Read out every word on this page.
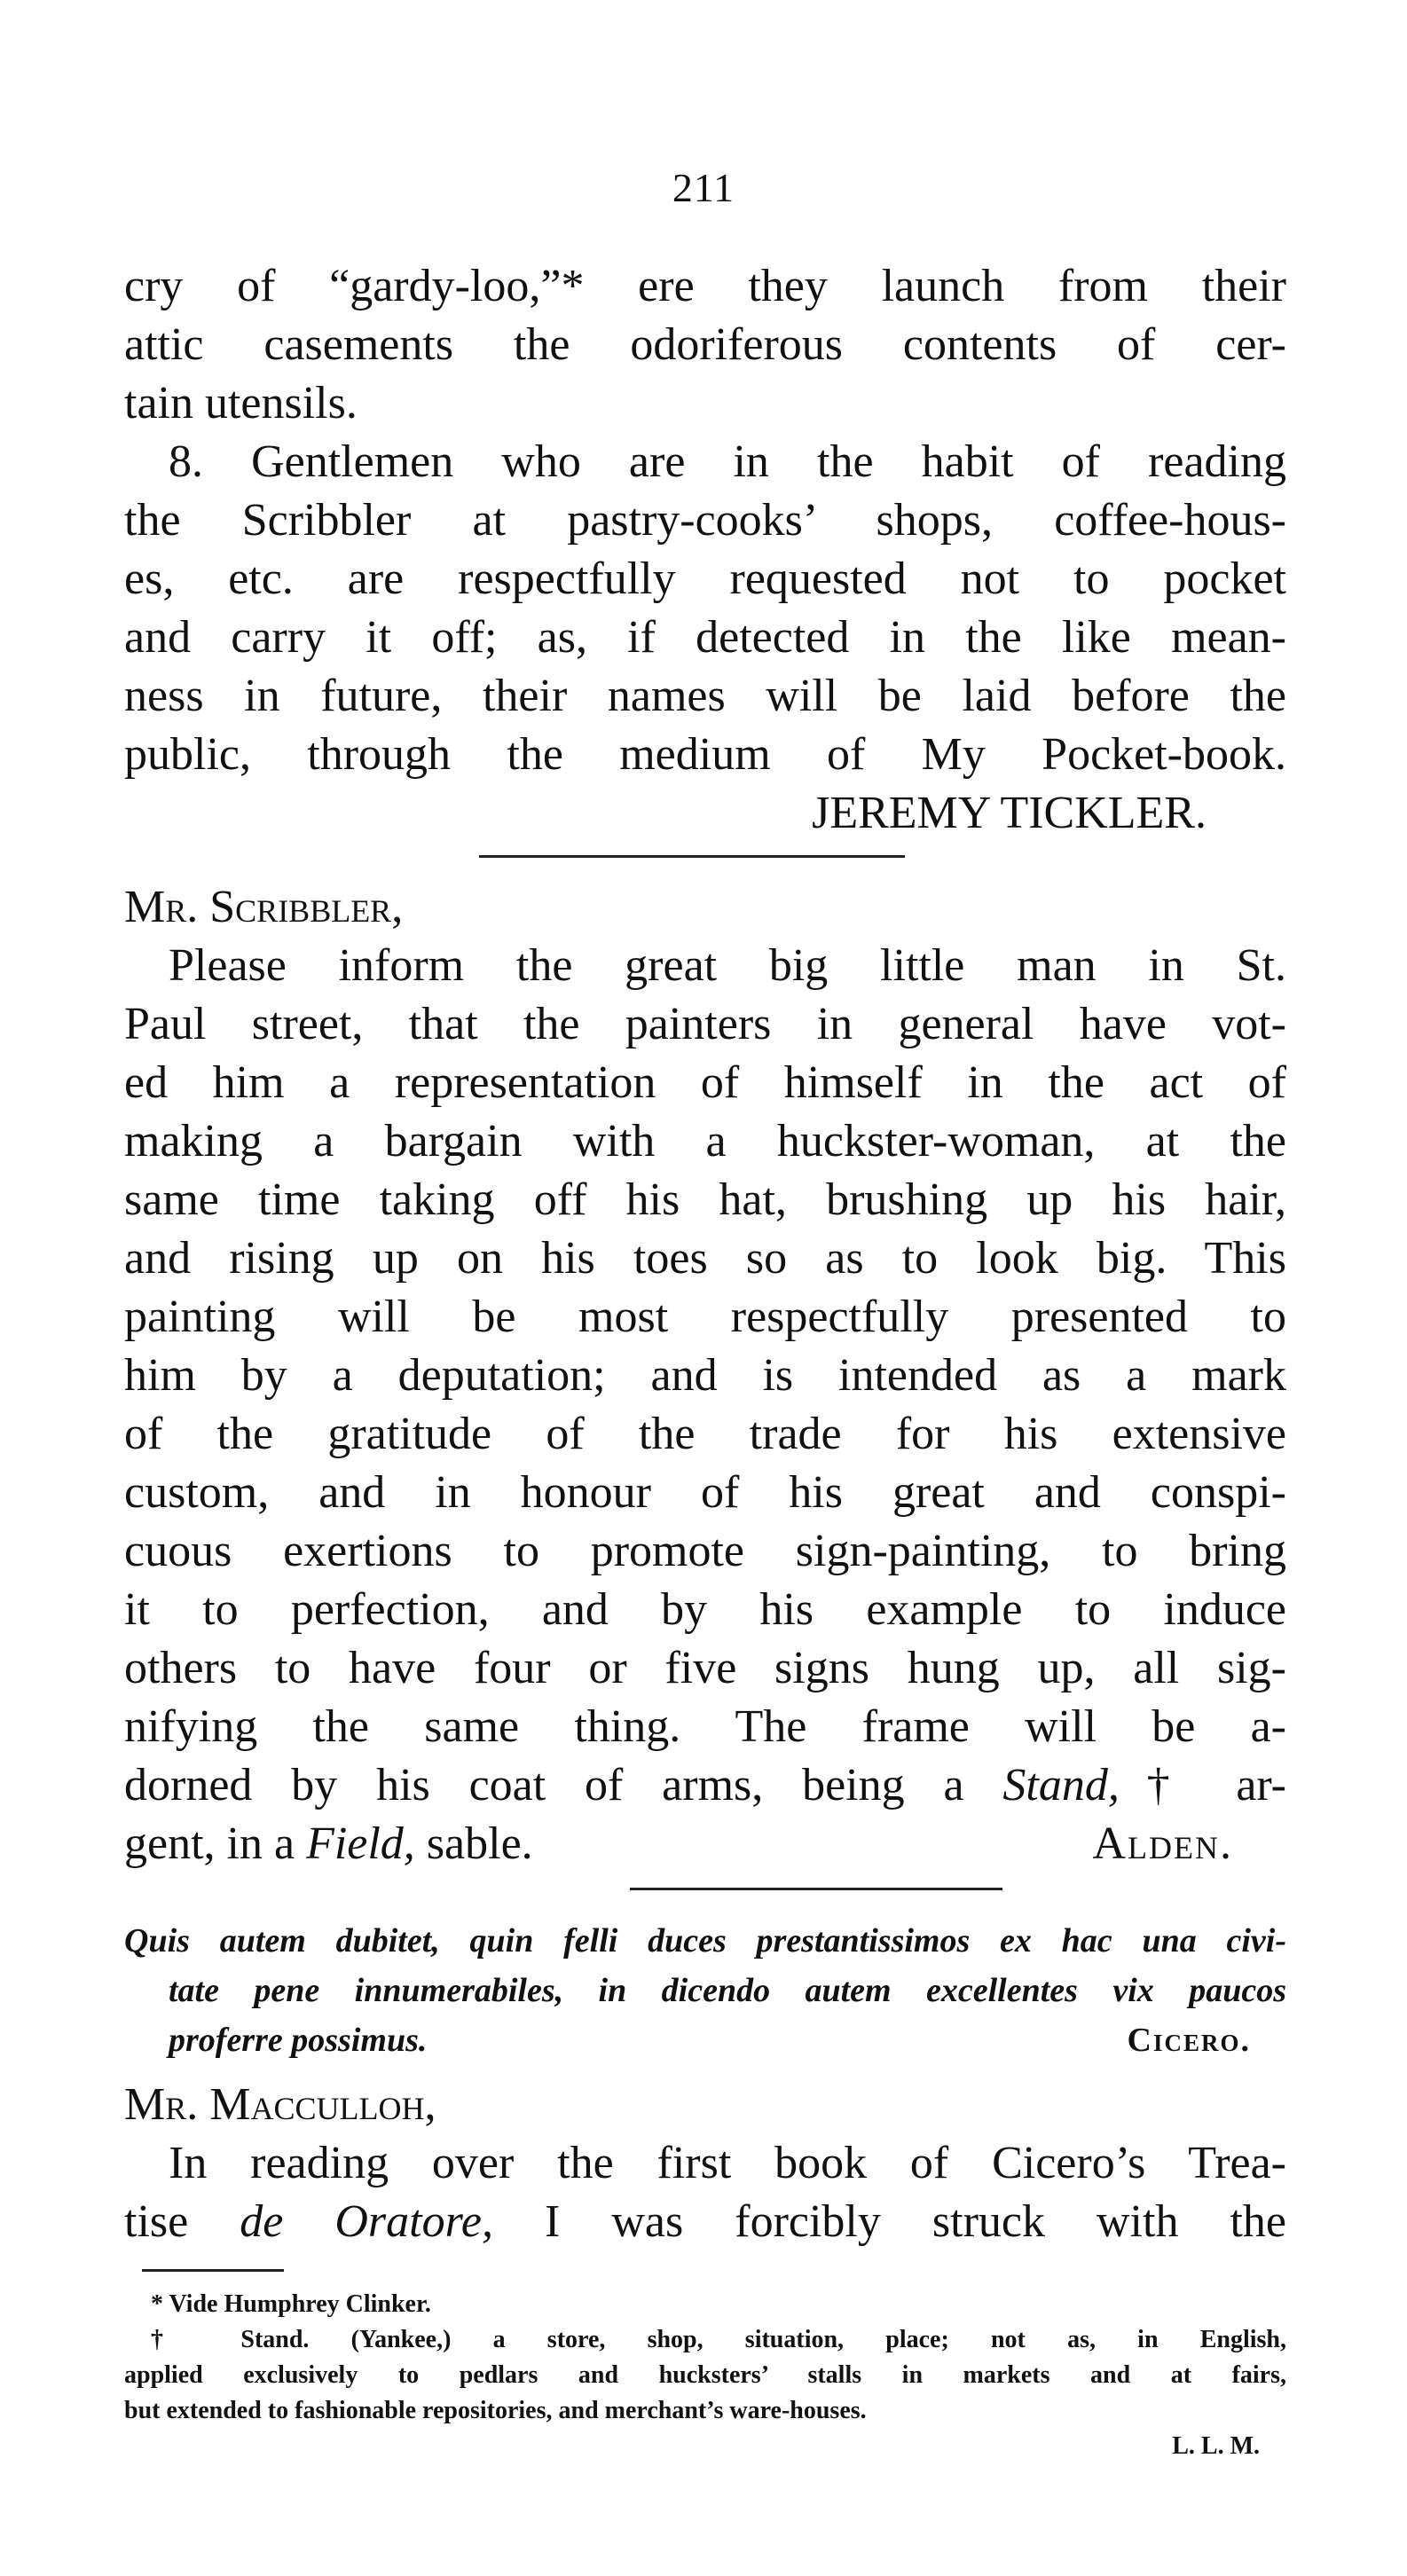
211
cry of “gardy-loo,”* ere they launch from their
attic casements the odoriferous contents of cer-
tain utensils.
8. Gentlemen who are in the habit of reading
the Scribbler at pastry-cooks’ shops, coffee-hous-
es, etc. are respectfully requested not to pocket
and carry it off; as, if detected in the like mean-
ness in future, their names will be laid before the
public, through the medium of My Pocket-book.
JEREMY TICKLER.
Mr. Scribbler,
Please inform the great big little man in St.
Paul street, that the painters in general have vot-
ed him a representation of himself in the act of
making a bargain with a huckster-woman, at the
same time taking off his hat, brushing up his hair,
and rising up on his toes so as to look big. This
painting will be most respectfully presented to
him by a deputation; and is intended as a mark
of the gratitude of the trade for his extensive
custom, and in honour of his great and conspi-
cuous exertions to promote sign-painting, to bring
it to perfection, and by his example to induce
others to have four or five signs hung up, all sig-
nifying the same thing. The frame will be a-
dorned by his coat of arms, being a Stand,† ar-
gent, in a Field, sable.	Alden.
Quis autem dubitet, quin felli duces prestantissimos ex hac una civi-
tate pene innumerabiles, in dicendo autem excellentes vix paucos
proferre possimus.	Cicero.
Mr. Macculloh,
In reading over the first book of Cicero’s Trea-
tise de Oratore, I was forcibly struck with the
* Vide Humphrey Clinker.
† Stand. (Yankee,) a store, shop, situation, place; not as, in English,
applied exclusively to pedlars and hucksters’ stalls in markets and at fairs,
but extended to fashionable repositories, and merchant’s ware-houses.
L. L. M.
